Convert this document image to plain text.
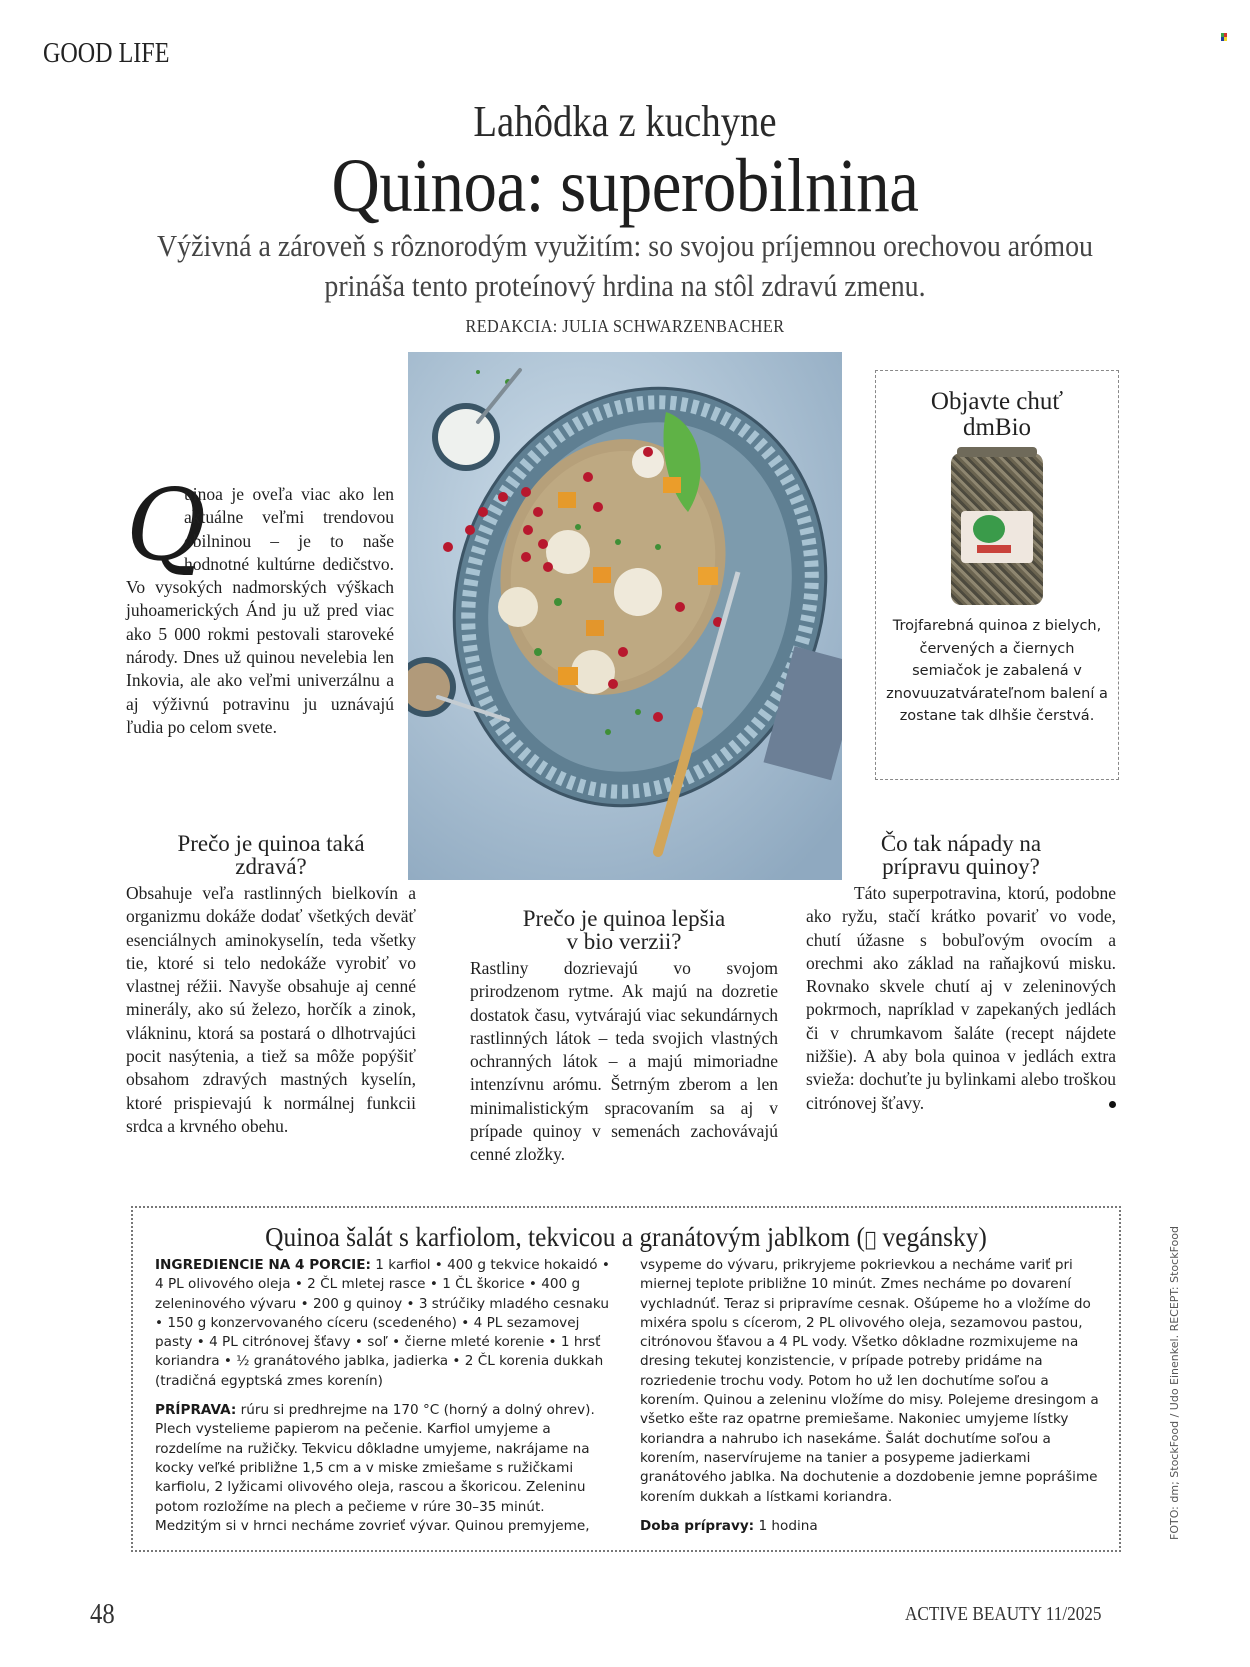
GOOD LIFE
Lahôdka z kuchyne
Quinoa: superobilnina
Výživná a zároveň s rôznorodým využitím: so svojou príjemnou orechovou arómou prináša tento proteínový hrdina na stôl zdravú zmenu.
REDAKCIA: JULIA SCHWARZENBACHER
Q
uinoa je oveľa viac ako len aktuálne veľmi trendovou obilninou – je to naše hodnotné kultúrne dedičstvo. Vo vysokých nadmorských výškach juhoamerických Ánd ju už pred viac ako 5 000 rokmi pestovali staroveké národy. Dnes už quinou nevelebia len Inkovia, ale ako veľmi univerzálnu a aj výživnú potravinu ju uznávajú ľudia po celom svete.
Objavte chuť
dmBio
Trojfarebná quinoa z bielych, červených a čiernych semiačok je zabalená v znovuuzatvárateľnom balení a zostane tak dlhšie čerstvá.
Prečo je quinoa taká
zdravá?
Obsahuje veľa rastlinných bielkovín a organizmu dokáže dodať všetkých deväť esenciálnych aminokyselín, teda všetky tie, ktoré si telo nedokáže vyrobiť vo vlastnej réžii. Navyše obsahuje aj cenné minerály, ako sú železo, horčík a zinok, vlákninu, ktorá sa postará o dlhotrvajúci pocit nasýtenia, a tiež sa môže popýšiť obsahom zdravých mastných kyselín, ktoré prispievajú k normálnej funkcii srdca a krvného obehu.
Prečo je quinoa lepšia
v bio verzii?
Rastliny dozrievajú vo svojom prirodzenom rytme. Ak majú na dozretie dostatok času, vytvárajú viac sekundárnych rastlinných látok – teda svojich vlastných ochranných látok – a majú mimoriadne intenzívnu arómu. Šetrným zberom a len minimalistickým spracovaním sa aj v prípade quinoy v semenách zachovávajú cenné zložky.
Čo tak nápady na
prípravu quinoy?
Táto superpotravina, ktorú, podobne ako ryžu, stačí krátko povariť vo vode, chutí úžasne s bobuľovým ovocím a orechmi ako základ na raňajkovú misku. Rovnako skvele chutí aj v zeleninových pokrmoch, napríklad v zapekaných jedlách či v chrumkavom šaláte (recept nájdete nižšie). A aby bola quinoa v jedlách extra svieža: dochuťte ju bylinkami alebo troškou citrónovej šťavy.
Quinoa šalát s karfiolom, tekvicou a granátovým jablkom ( vegánsky)
INGREDIENCIE NA 4 PORCIE: 1 karfiol • 400 g tekvice hokaidó • 4 PL olivového oleja • 2 ČL mletej rasce • 1 ČL škorice • 400 g zeleninového vývaru • 200 g quinoy • 3 strúčiky mladého cesnaku • 150 g konzervovaného cíceru (scedeného) • 4 PL sezamovej pasty • 4 PL citrónovej šťavy • soľ • čierne mleté korenie • 1 hrsť koriandra • ½ granátového jablka, jadierka • 2 ČL korenia dukkah (tradičná egyptská zmes korenín)
PRÍPRAVA: rúru si predhrejme na 170 °C (horný a dolný ohrev). Plech vystelieme papierom na pečenie. Karfiol umyjeme a rozdelíme na ružičky. Tekvicu dôkladne umyjeme, nakrájame na kocky veľké približne 1,5 cm a v miske zmiešame s ružičkami karfiolu, 2 lyžicami olivového oleja, rascou a škoricou. Zeleninu potom rozložíme na plech a pečieme v rúre 30–35 minút. Medzitým si v hrnci necháme zovrieť vývar. Quinou premyjeme,
vsypeme do vývaru, prikryjeme pokrievkou a necháme variť pri miernej teplote približne 10 minút. Zmes necháme po dovarení vychladnúť. Teraz si pripravíme cesnak. Ošúpeme ho a vložíme do mixéra spolu s cícerom, 2 PL olivového oleja, sezamovou pastou, citrónovou šťavou a 4 PL vody. Všetko dôkladne rozmixujeme na dresing tekutej konzistencie, v prípade potreby pridáme na rozriedenie trochu vody. Potom ho už len dochutíme soľou a korením. Quinou a zeleninu vložíme do misy. Polejeme dresingom a všetko ešte raz opatrne premiešame. Nakoniec umyjeme lístky koriandra a nahrubo ich nasekáme. Šalát dochutíme soľou a korením, naservírujeme na tanier a posypeme jadierkami granátového jablka. Na dochutenie a dozdobenie jemne poprášime korením dukkah a lístkami koriandra.
Doba prípravy: 1 hodina	FOTO: dm; StockFood / Udo Einenkel. RECEPT: StockFood
48	ACTIVE BEAUTY 11/2025
